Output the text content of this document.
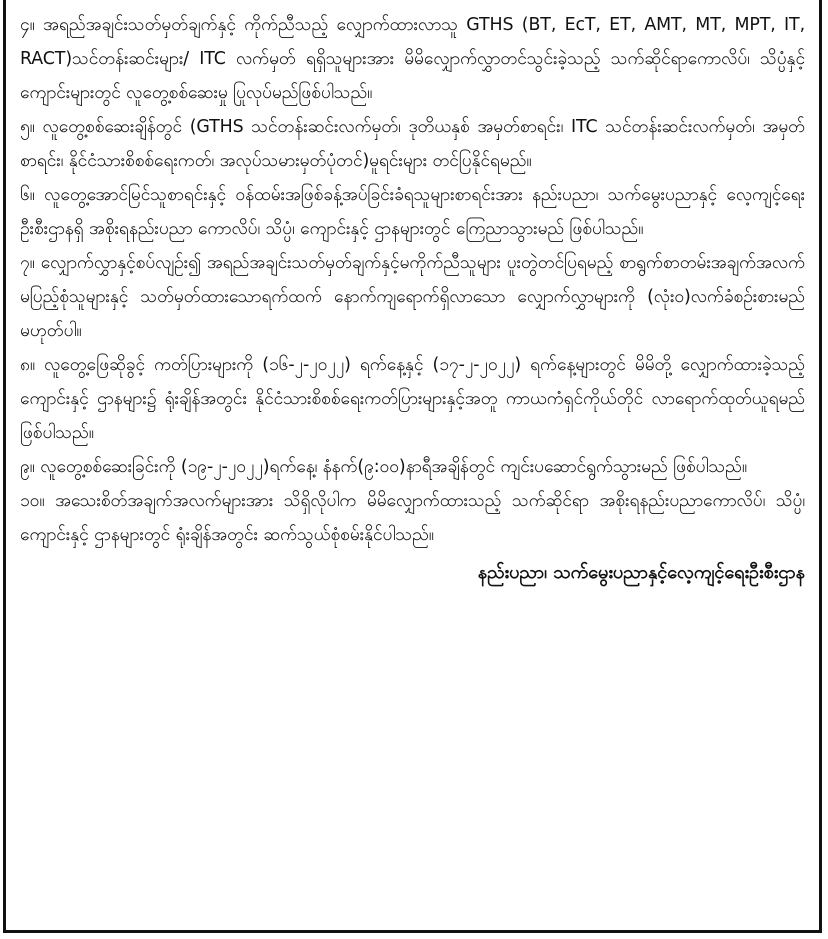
၄။ အရည်အချင်းသတ်မှတ်ချက်နှင့် ကိုက်ညီသည့် လျှောက်ထားလာသူ GTHS (BT, EcT, ET, AMT, MT, MPT, IT, RACT)သင်တန်းဆင်းများ/ ITC လက်မှတ် ရရှိသူများအား မိမိလျှောက်လွှာတင်သွင်းခဲ့သည့် သက်ဆိုင်ရာကောလိပ်၊ သိပ္ပံနှင့် ကျောင်းများတွင် လူတွေ့စစ်ဆေးမှု ပြုလုပ်မည်ဖြစ်ပါသည်။

၅။ လူတွေ့စစ်ဆေးချိန်တွင် (GTHS သင်တန်းဆင်းလက်မှတ်၊ ဒုတိယနှစ် အမှတ်စာရင်း၊ ITC သင်တန်းဆင်းလက်မှတ်၊ အမှတ်စာရင်း၊ နိုင်ငံသားစိစစ်ရေးကတ်၊ အလုပ်သမားမှတ်ပုံတင်)မူရင်းများ တင်ပြနိုင်ရမည်။

၆။ လူတွေ့အောင်မြင်သူစာရင်းနှင့် ဝန်ထမ်းအဖြစ်ခန့်အပ်ခြင်းခံရသူများစာရင်းအား နည်းပညာ၊ သက်မွေးပညာနှင့် လေ့ကျင့်ရေးဦးစီးဌာနရှိ အစိုးရနည်းပညာ ကောလိပ်၊ သိပ္ပံ၊ ကျောင်းနှင့် ဌာနများတွင် ကြေညာသွားမည် ဖြစ်ပါသည်။

၇။ လျှောက်လွှာနှင့်စပ်လျဉ်း၍ အရည်အချင်းသတ်မှတ်ချက်နှင့်မကိုက်ညီသူများ ပူးတွဲတင်ပြရမည့် စာရွက်စာတမ်းအချက်အလက်မပြည့်စုံသူများနှင့် သတ်မှတ်ထားသောရက်ထက် နောက်ကျရောက်ရှိလာသော လျှောက်လွှာများကို (လုံး၀)လက်ခံစဉ်းစားမည်မဟုတ်ပါ။

၈။ လူတွေ့ဖြေဆိုခွင့် ကတ်ပြားများကို (၁၆-၂-၂၀၂၂) ရက်နေ့နှင့် (၁၇-၂-၂၀၂၂) ရက်နေ့များတွင် မိမိတို့ လျှောက်ထားခဲ့သည့် ကျောင်းနှင့် ဌာနများ၌ ရုံးချိန်အတွင်း နိုင်ငံသားစိစစ်ရေးကတ်ပြားများနှင့်အတူ ကာယကံရှင်ကိုယ်တိုင် လာရောက်ထုတ်ယူရမည် ဖြစ်ပါသည်။

၉။ လူတွေ့စစ်ဆေးခြင်းကို (၁၉-၂-၂၀၂၂)ရက်နေ့၊ နံနက်(၉:၀၀)နာရီအချိန်တွင် ကျင်းပဆောင်ရွက်သွားမည် ဖြစ်ပါသည်။

၁၀။ အသေးစိတ်အချက်အလက်များအား သိရှိလိုပါက မိမိလျှောက်ထားသည့် သက်ဆိုင်ရာ အစိုးရနည်းပညာကောလိပ်၊ သိပ္ပံ၊ ကျောင်းနှင့် ဌာနများတွင် ရုံးချိန်အတွင်း ဆက်သွယ်စုံစမ်းနိုင်ပါသည်။

နည်းပညာ၊ သက်မွေးပညာနှင့်လေ့ကျင့်ရေးဦးစီးဌာန
